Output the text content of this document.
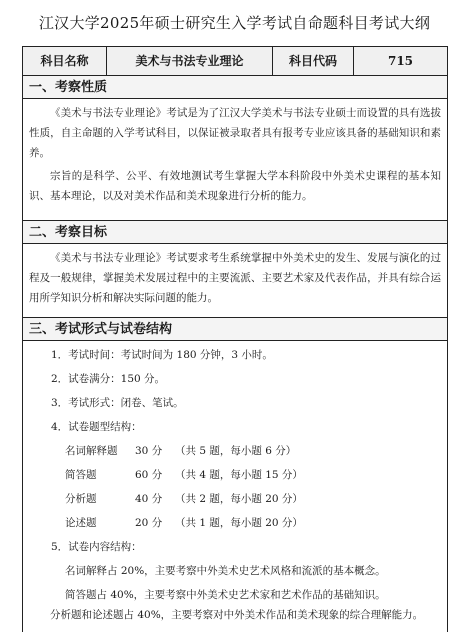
江汉大学2025年硕士研究生入学考试自命题科目考试大纲
科目名称	美术与书法专业理论	科目代码	715
一、考察性质

《美术与书法专业理论》考试是为了江汉大学美术与书法专业硕士而设置的具有选拔性质，自主命题的入学考试科目，以保证被录取者具有报考专业应该具备的基础知识和素养。

宗旨的是科学、公平、有效地测试考生掌握大学本科阶段中外美术史课程的基本知识、基本理论，以及对美术作品和美术现象进行分析的能力。

二、考察目标

《美术与书法专业理论》考试要求考生系统掌握中外美术史的发生、发展与演化的过程及一般规律，掌握美术发展过程中的主要流派、主要艺术家及代表作品，并具有综合运用所学知识分析和解决实际问题的能力。

三、考试形式与试卷结构

1．考试时间：考试时间为 180 分钟，3 小时。

2．试卷满分：150 分。

3．考试形式：闭卷、笔试。

4．试卷题型结构：

名词解释题 30 分 （共 5 题，每小题 6 分）
简答题	60 分 （共 4 题，每小题 15 分）
分析题	40 分 （共 2 题，每小题 20 分）
论述题	20 分 （共 1 题，每小题 20 分）

5．试卷内容结构：

名词解释占 20%，主要考察中外美术史艺术风格和流派的基本概念。

简答题占 40%，主要考察中外美术史艺术家和艺术作品的基础知识。

分析题和论述题占 40%，主要考察对中外美术作品和美术现象的综合理解能力。
